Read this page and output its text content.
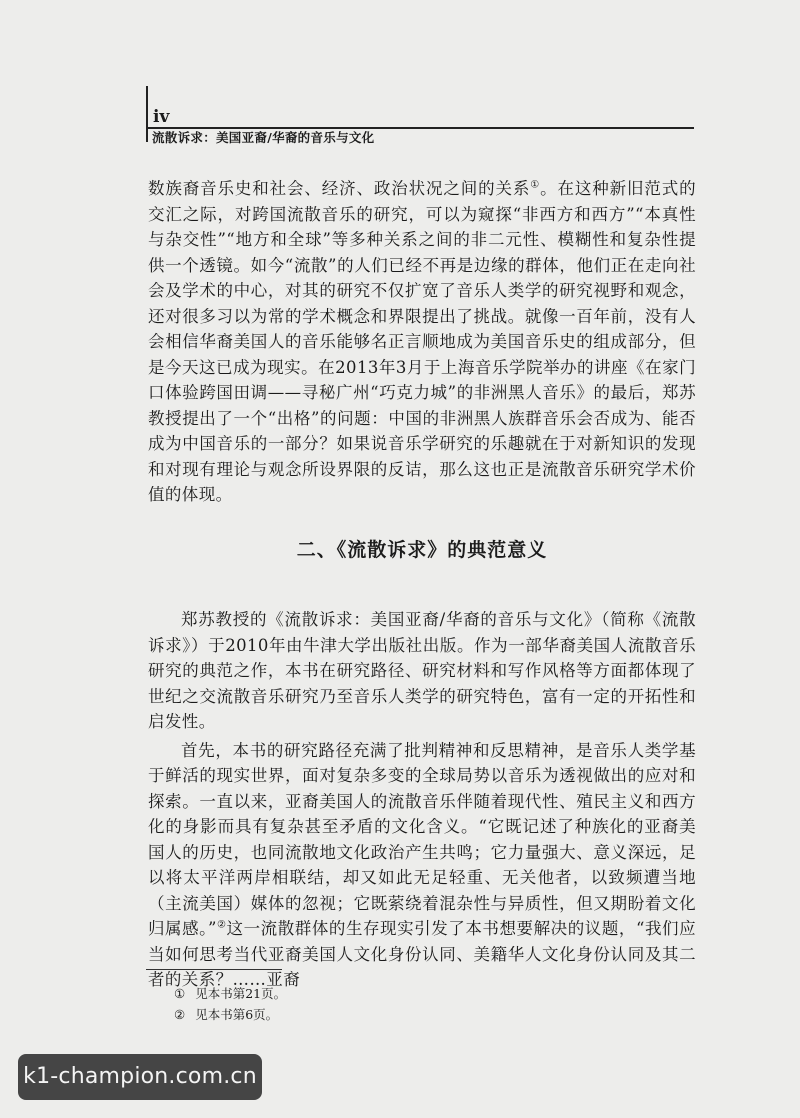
iv
流散诉求：美国亚裔/华裔的音乐与文化

数族裔音乐史和社会、经济、政治状况之间的关系①。在这种新旧范式的交汇之际，对跨国流散音乐的研究，可以为窥探“非西方和西方”“本真性与杂交性”“地方和全球”等多种关系之间的非二元性、模糊性和复杂性提供一个透镜。如今“流散”的人们已经不再是边缘的群体，他们正在走向社会及学术的中心，对其的研究不仅扩宽了音乐人类学的研究视野和观念，还对很多习以为常的学术概念和界限提出了挑战。就像一百年前，没有人会相信华裔美国人的音乐能够名正言顺地成为美国音乐史的组成部分，但是今天这已成为现实。在2013年3月于上海音乐学院举办的讲座《在家门口体验跨国田调——寻秘广州“巧克力城”的非洲黑人音乐》的最后，郑苏教授提出了一个“出格”的问题：中国的非洲黑人族群音乐会否成为、能否成为中国音乐的一部分？如果说音乐学研究的乐趣就在于对新知识的发现和对现有理论与观念所设界限的反诘，那么这也正是流散音乐研究学术价值的体现。

二、《流散诉求》的典范意义

郑苏教授的《流散诉求：美国亚裔/华裔的音乐与文化》（简称《流散诉求》）于2010年由牛津大学出版社出版。作为一部华裔美国人流散音乐研究的典范之作，本书在研究路径、研究材料和写作风格等方面都体现了世纪之交流散音乐研究乃至音乐人类学的研究特色，富有一定的开拓性和启发性。

首先，本书的研究路径充满了批判精神和反思精神，是音乐人类学基于鲜活的现实世界，面对复杂多变的全球局势以音乐为透视做出的应对和探索。一直以来，亚裔美国人的流散音乐伴随着现代性、殖民主义和西方化的身影而具有复杂甚至矛盾的文化含义。“它既记述了种族化的亚裔美国人的历史，也同流散地文化政治产生共鸣；它力量强大、意义深远，足以将太平洋两岸相联结，却又如此无足轻重、无关他者，以致频遭当地（主流美国）媒体的忽视；它既萦绕着混杂性与异质性，但又期盼着文化归属感。”②这一流散群体的生存现实引发了本书想要解决的议题，“我们应当如何思考当代亚裔美国人文化身份认同、美籍华人文化身份认同及其二者的关系？……亚裔

① 见本书第21页。
② 见本书第6页。
k1-champion.com.cn
